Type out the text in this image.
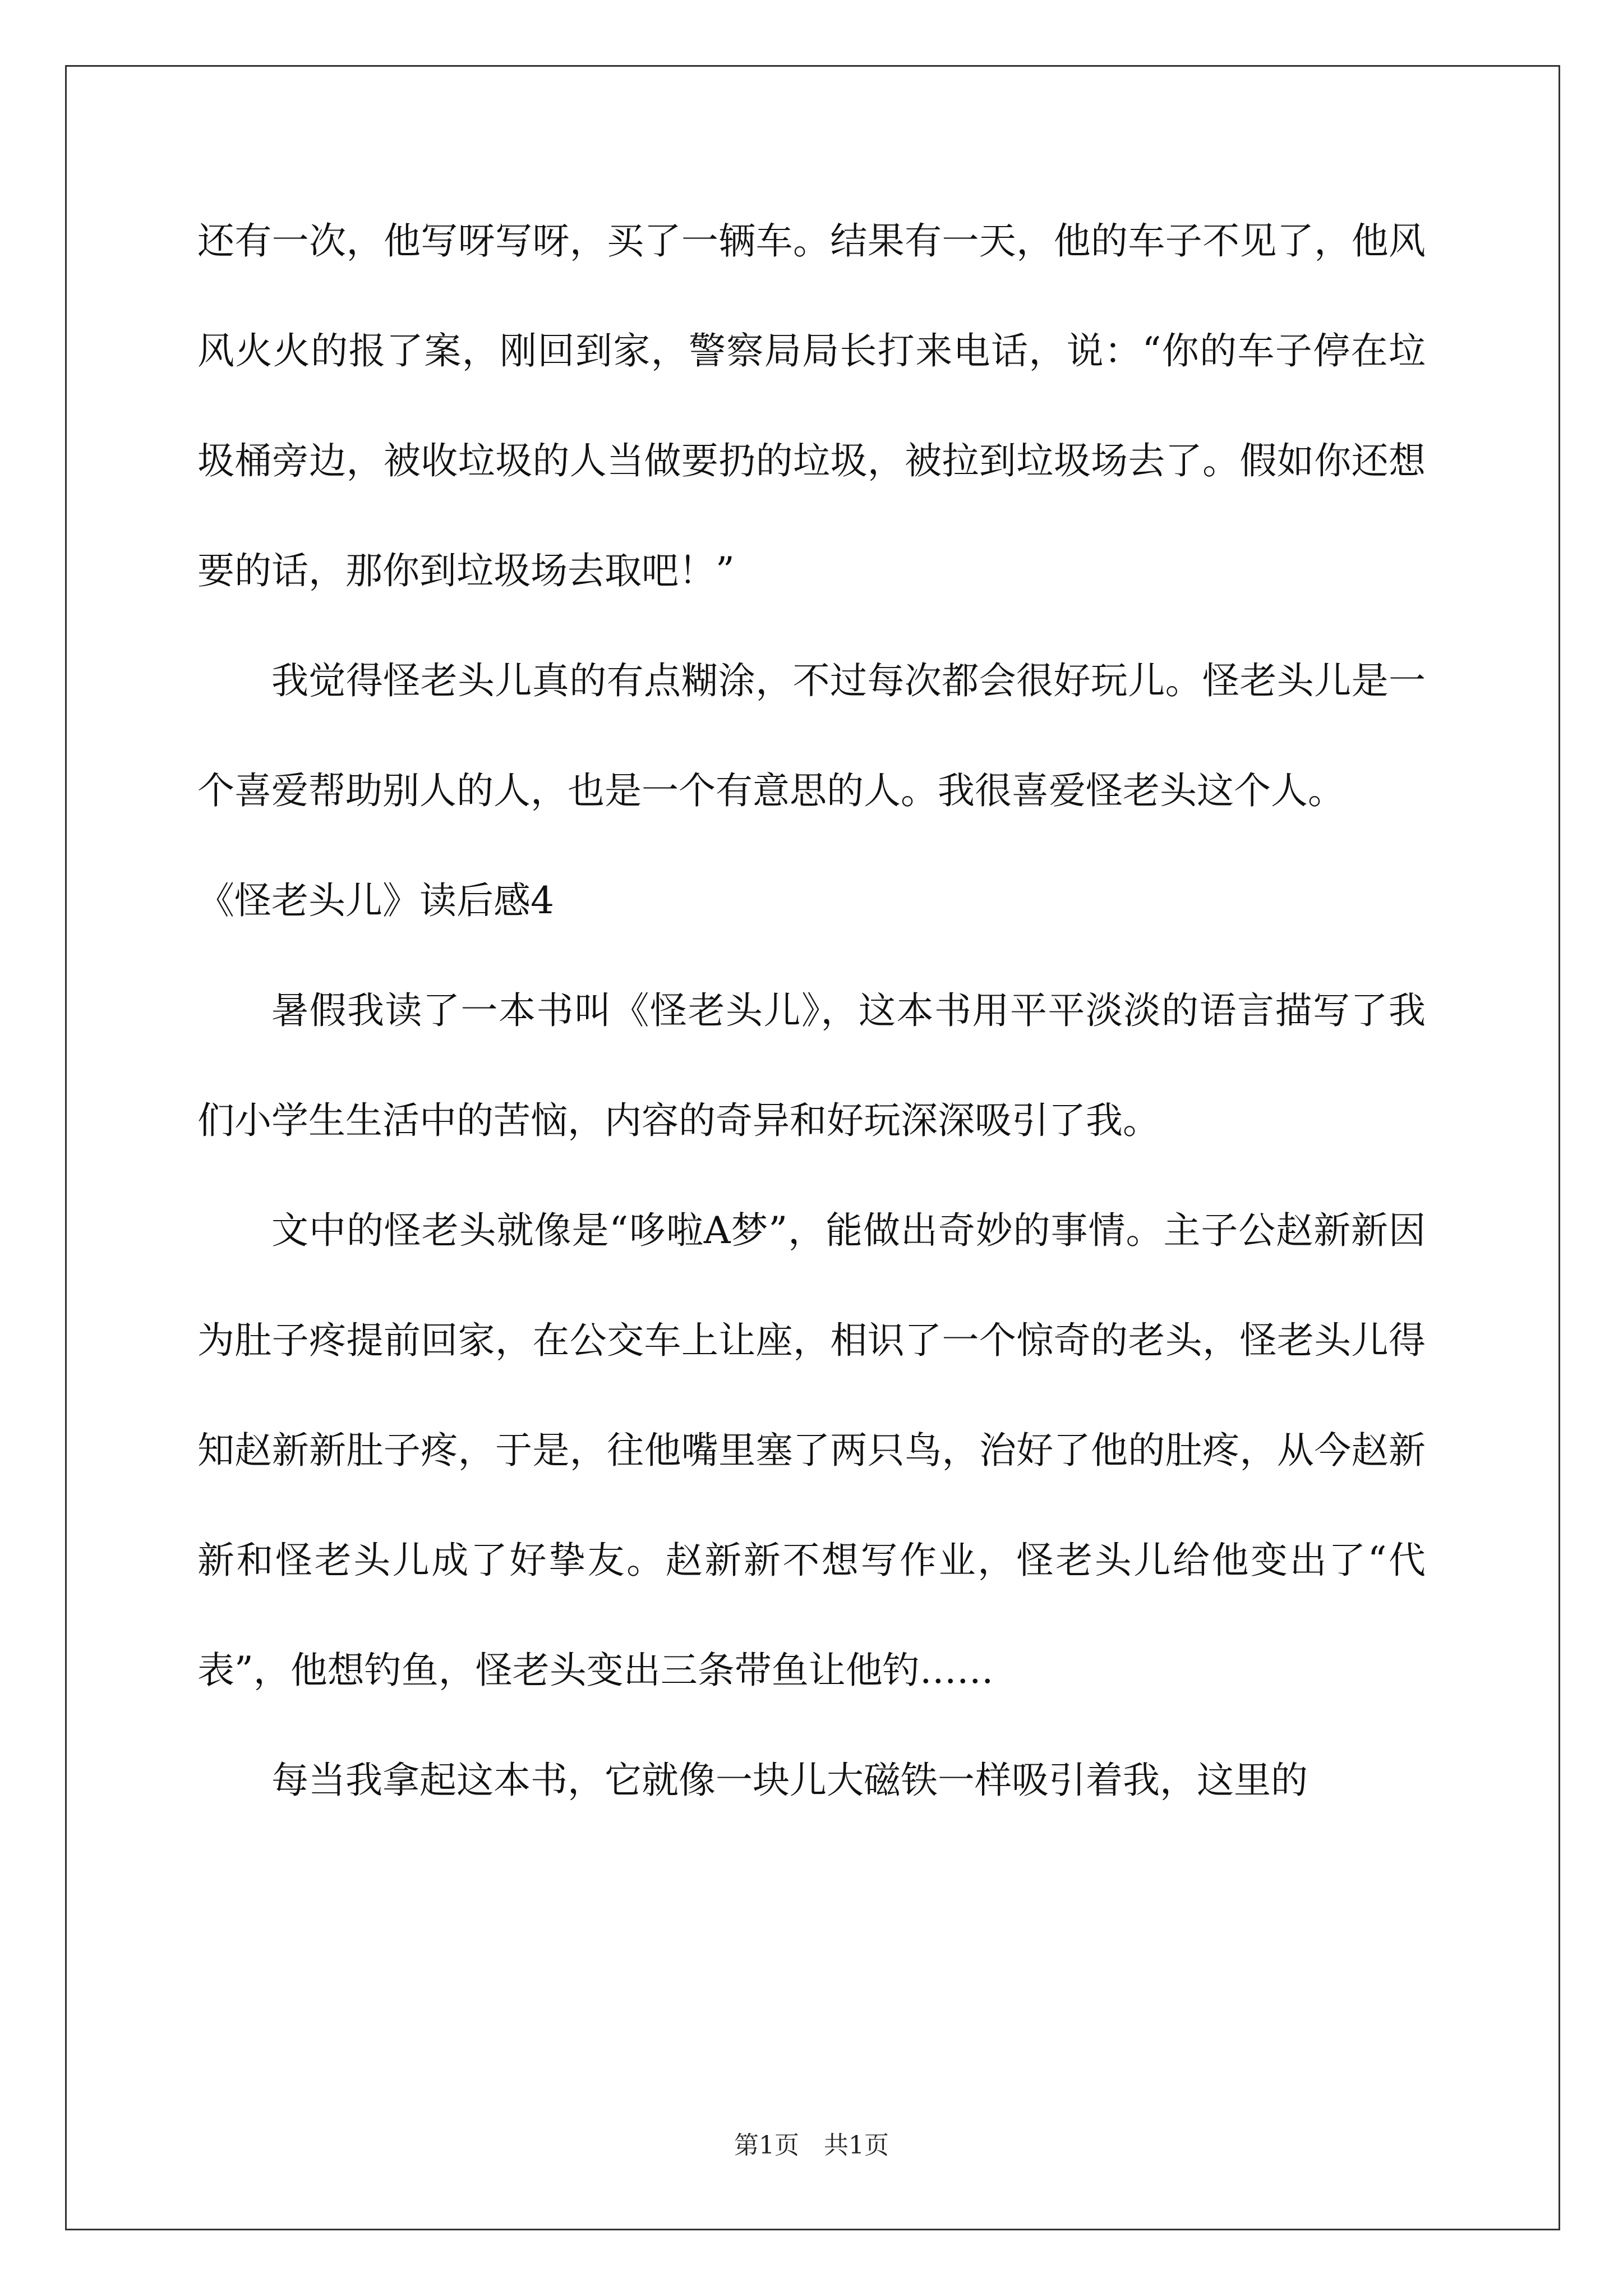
还有一次，他写呀写呀，买了一辆车。结果有一天，他的车子不见了，他风风火火的报了案，刚回到家，警察局局长打来电话，说：“你的车子停在垃圾桶旁边，被收垃圾的人当做要扔的垃圾，被拉到垃圾场去了。假如你还想要的话，那你到垃圾场去取吧！”

我觉得怪老头儿真的有点糊涂，不过每次都会很好玩儿。怪老头儿是一个喜爱帮助别人的人，也是一个有意思的人。我很喜爱怪老头这个人。

《怪老头儿》读后感4

暑假我读了一本书叫《怪老头儿》，这本书用平平淡淡的语言描写了我们小学生生活中的苦恼，内容的奇异和好玩深深吸引了我。

文中的怪老头就像是“哆啦A梦”，能做出奇妙的事情。主子公赵新新因为肚子疼提前回家，在公交车上让座，相识了一个惊奇的老头，怪老头儿得知赵新新肚子疼，于是，往他嘴里塞了两只鸟，治好了他的肚疼，从今赵新新和怪老头儿成了好挚友。赵新新不想写作业，怪老头儿给他变出了“代表”，他想钓鱼，怪老头变出三条带鱼让他钓……

每当我拿起这本书，它就像一块儿大磁铁一样吸引着我，这里的

第1页　共1页
